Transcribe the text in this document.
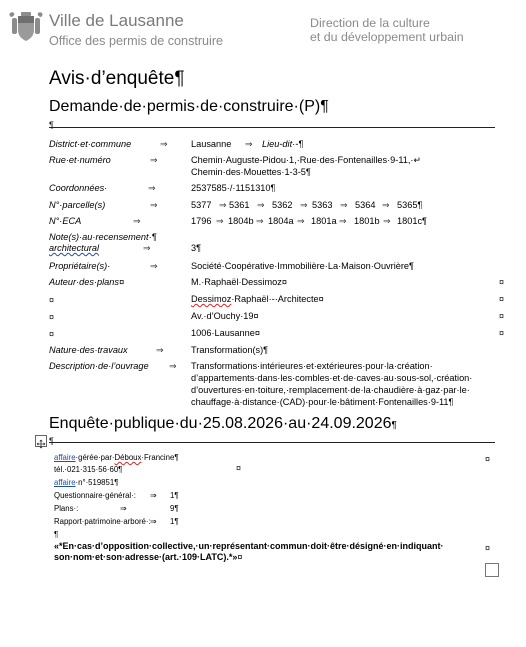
Ville de Lausanne
Office des permis de construire
Direction de la culture
et du développement urbain
Avis·d’enquête¶
Demande·de·permis·de·construire·(P)¶
¶
District·et·commune	⇒	Lausanne ⇒ Lieu-dit·-¶
Rue·et·numéro	⇒	Chemin·Auguste-Pidou·1,·Rue·des·Fontenailles·9-11,·↵
Chemin·des·Mouettes·1-3-5¶
Coordonnées·	⇒	2537585·/·1151310¶
N°·parcelle(s)	⇒	5377 ⇒ 5361 ⇒ 5362 ⇒ 5363 ⇒ 5364 ⇒ 5365¶
N°·ECA	⇒	1796 ⇒ 1804b ⇒ 1804a ⇒ 1801a ⇒ 1801b ⇒ 1801c¶
Note(s)·au·recensement·¶
architectural	⇒	3¶
Propriétaire(s)·	⇒	Société·Coopérative·Immobilière·La·Maison·Ouvrière¶
Auteur·des·plans¤	M.·Raphaël·Dessimoz¤	¤
¤	Dessimoz·Raphaël·-·Architecte¤	¤
¤	Av.·d’Ouchy·19¤	¤
¤	1006·Lausanne¤	¤
Nature·des·travaux	⇒	Transformation(s)¶
Description·de·l’ouvrage ⇒ Transformations·intérieures·et·extérieures·pour·la·création·
d’appartements·dans·les·combles·et·de·caves·au·sous-sol,·création·
d’ouvertures·en·toiture,·remplacement·de·la·chaudière·à·gaz·par·le·
chauffage·à·distance·(CAD)·pour·le·bâtiment·Fontenailles·9-11¶
Enquête·publique·du·25.08.2026·au·24.09.2026¶
¶
affaire·gérée·par·Déboux·Francine¶	¤
¤
tél.·021·315·56·60¶
affaire·n°·519851¶
Questionnaire·général·: ⇒ 1¶
Plans·:	⇒	9¶
Rapport·patrimoine·arboré·: ⇒ 1¶
¶
«*En·cas·d’opposition·collective,·un·représentant·commun·doit·être·désigné·en·indiquant·
son·nom·et·son·adresse·(art.·109·LATC).*»¤
¤
